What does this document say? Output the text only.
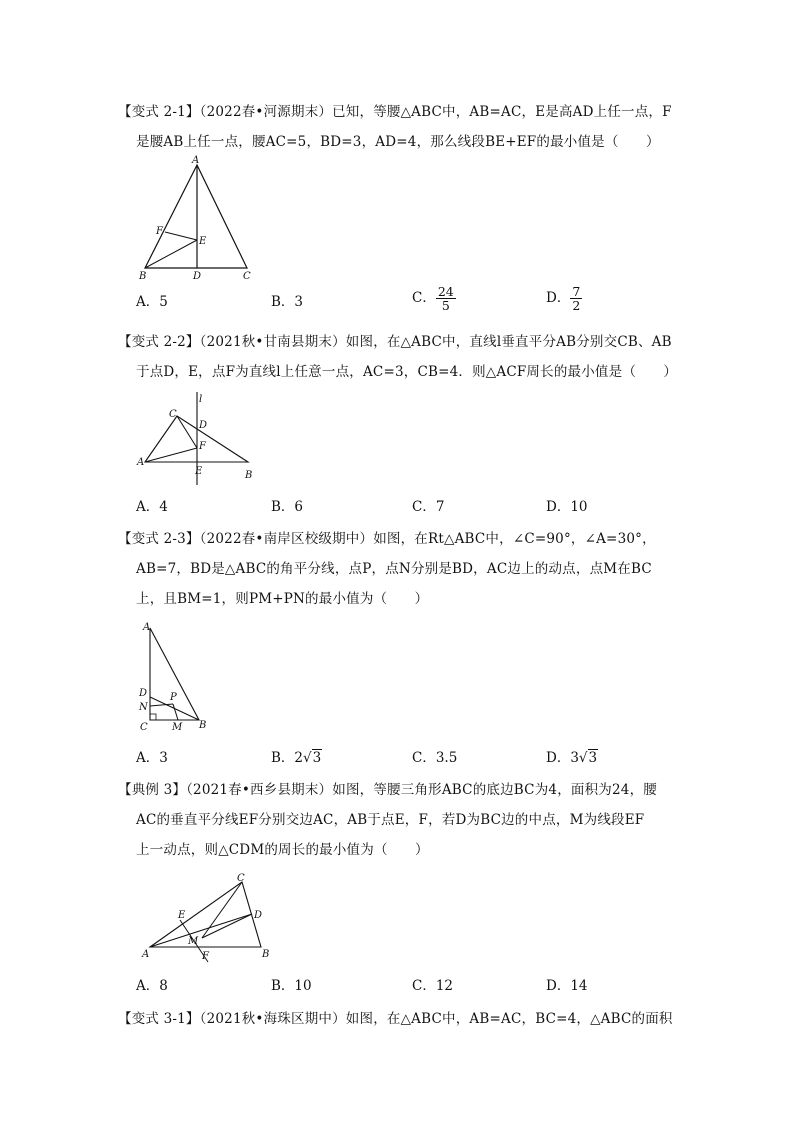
【变式 2-1】（2022春•河源期末）已知，等腰△ABC中，AB=AC，E是高AD上任一点，F
是腰AB上任一点，腰AC=5，BD=3，AD=4，那么线段BE+EF的最小值是（　　）
A
F
E
B	D	C
A．5	B．3	C． $\frac{24}{5}$	D． $\frac{7}{2}$
【变式 2-2】（2021秋•甘南县期末）如图，在△ABC中，直线l垂直平分AB分别交CB、AB
于点D，E，点F为直线l上任意一点，AC=3，CB=4．则△ACF周长的最小值是（　　）
l
C
D
F
A
E	B
A．4	B．6	C．7	D．10
【变式 2-3】（2022春•南岸区校级期中）如图，在Rt△ABC中，∠C=90°，∠A=30°，
AB=7，BD是△ABC的角平分线，点P，点N分别是BD，AC边上的动点，点M在BC
上，且BM=1，则PM+PN的最小值为（　　）
A
D P
N
C M B
A．3	B．2√3	C．3.5	D．3√3
【典例 3】（2021春•西乡县期末）如图，等腰三角形ABC的底边BC为4，面积为24，腰
AC的垂直平分线EF分别交边AC，AB于点E，F，若D为BC边的中点，M为线段EF
上一动点，则△CDM的周长的最小值为（　　）
C
E	D
M
A	F	B
A．8	B．10	C．12	D．14
【变式 3-1】（2021秋•海珠区期中）如图，在△ABC中，AB=AC，BC=4，△ABC的面积
